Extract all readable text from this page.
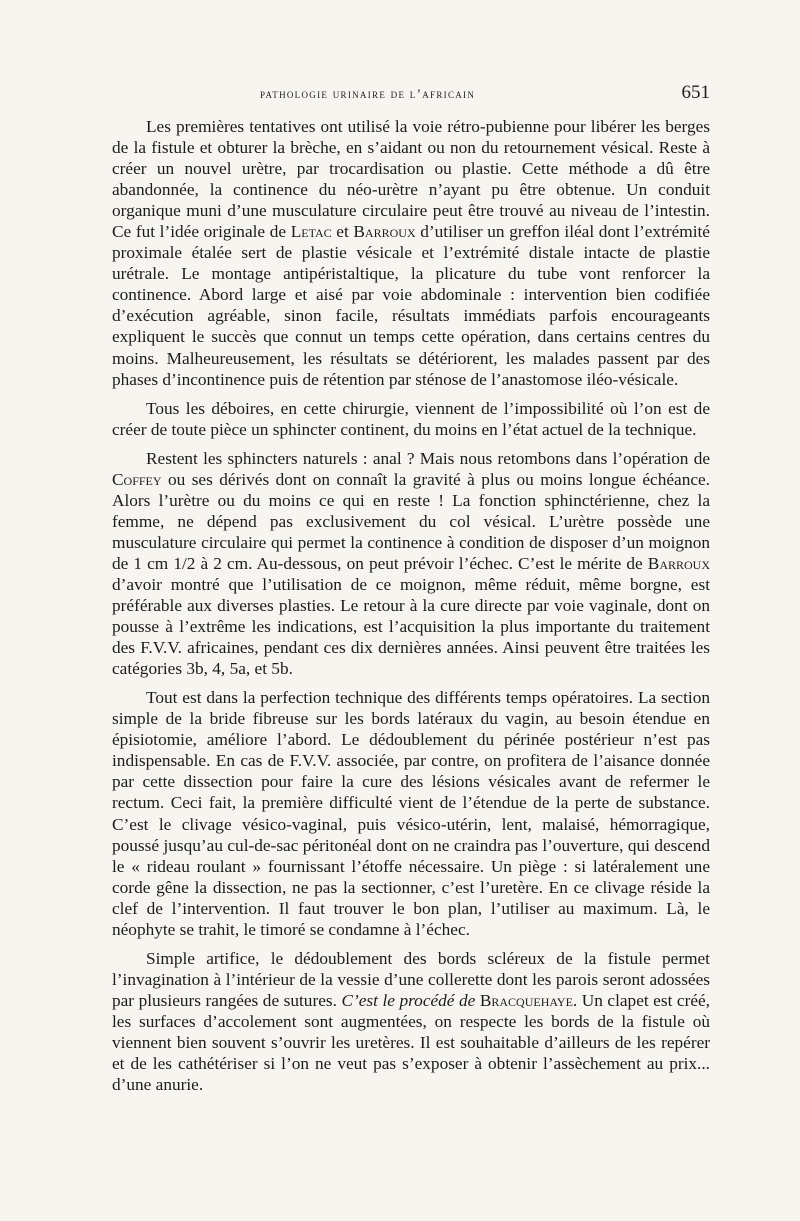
pathologie urinaire de l’africain	651

Les premières tentatives ont utilisé la voie rétro-pubienne pour libérer les berges de la fistule et obturer la brèche, en s’aidant ou non du retournement vésical. Reste à créer un nouvel urètre, par trocardisation ou plastie. Cette méthode a dû être abandonnée, la continence du néo-urètre n’ayant pu être obtenue. Un conduit organique muni d’une musculature circulaire peut être trouvé au niveau de l’intestin. Ce fut l’idée originale de Letac et Barroux d’utiliser un greffon iléal dont l’extrémité proximale étalée sert de plastie vésicale et l’extrémité distale intacte de plastie urétrale. Le montage antipéristaltique, la plicature du tube vont renforcer la continence. Abord large et aisé par voie abdominale : intervention bien codifiée d’exécution agréable, sinon facile, résultats immédiats parfois encourageants expliquent le succès que connut un temps cette opération, dans certains centres du moins. Malheureusement, les résultats se détériorent, les malades passent par des phases d’incontinence puis de rétention par sténose de l’anastomose iléo-vésicale.

Tous les déboires, en cette chirurgie, viennent de l’impossibilité où l’on est de créer de toute pièce un sphincter continent, du moins en l’état actuel de la technique.

Restent les sphincters naturels : anal ? Mais nous retombons dans l’opération de Coffey ou ses dérivés dont on connaît la gravité à plus ou moins longue échéance. Alors l’urètre ou du moins ce qui en reste ! La fonction sphinctérienne, chez la femme, ne dépend pas exclusivement du col vésical. L’urètre possède une musculature circulaire qui permet la continence à condition de disposer d’un moignon de 1 cm 1/2 à 2 cm. Au-dessous, on peut prévoir l’échec. C’est le mérite de Barroux d’avoir montré que l’utilisation de ce moignon, même réduit, même borgne, est préférable aux diverses plasties. Le retour à la cure directe par voie vaginale, dont on pousse à l’extrême les indications, est l’acquisition la plus importante du traitement des F.V.V. africaines, pendant ces dix dernières années. Ainsi peuvent être traitées les catégories 3b, 4, 5a, et 5b.

Tout est dans la perfection technique des différents temps opératoires. La section simple de la bride fibreuse sur les bords latéraux du vagin, au besoin étendue en épisiotomie, améliore l’abord. Le dédoublement du périnée postérieur n’est pas indispensable. En cas de F.V.V. associée, par contre, on profitera de l’aisance donnée par cette dissection pour faire la cure des lésions vésicales avant de refermer le rectum. Ceci fait, la première difficulté vient de l’étendue de la perte de substance. C’est le clivage vésico-vaginal, puis vésico-utérin, lent, malaisé, hémorragique, poussé jusqu’au cul-de-sac péritonéal dont on ne craindra pas l’ouverture, qui descend le « rideau roulant » fournissant l’étoffe nécessaire. Un piège : si latéralement une corde gêne la dissection, ne pas la sectionner, c’est l’uretère. En ce clivage réside la clef de l’intervention. Il faut trouver le bon plan, l’utiliser au maximum. Là, le néophyte se trahit, le timoré se condamne à l’échec.

Simple artifice, le dédoublement des bords scléreux de la fistule permet l’invagination à l’intérieur de la vessie d’une collerette dont les parois seront adossées par plusieurs rangées de sutures. C’est le procédé de Bracquehaye. Un clapet est créé, les surfaces d’accolement sont augmentées, on respecte les bords de la fistule où viennent bien souvent s’ouvrir les uretères. Il est souhaitable d’ailleurs de les repérer et de les cathétériser si l’on ne veut pas s’exposer à obtenir l’assèchement au prix... d’une anurie.
